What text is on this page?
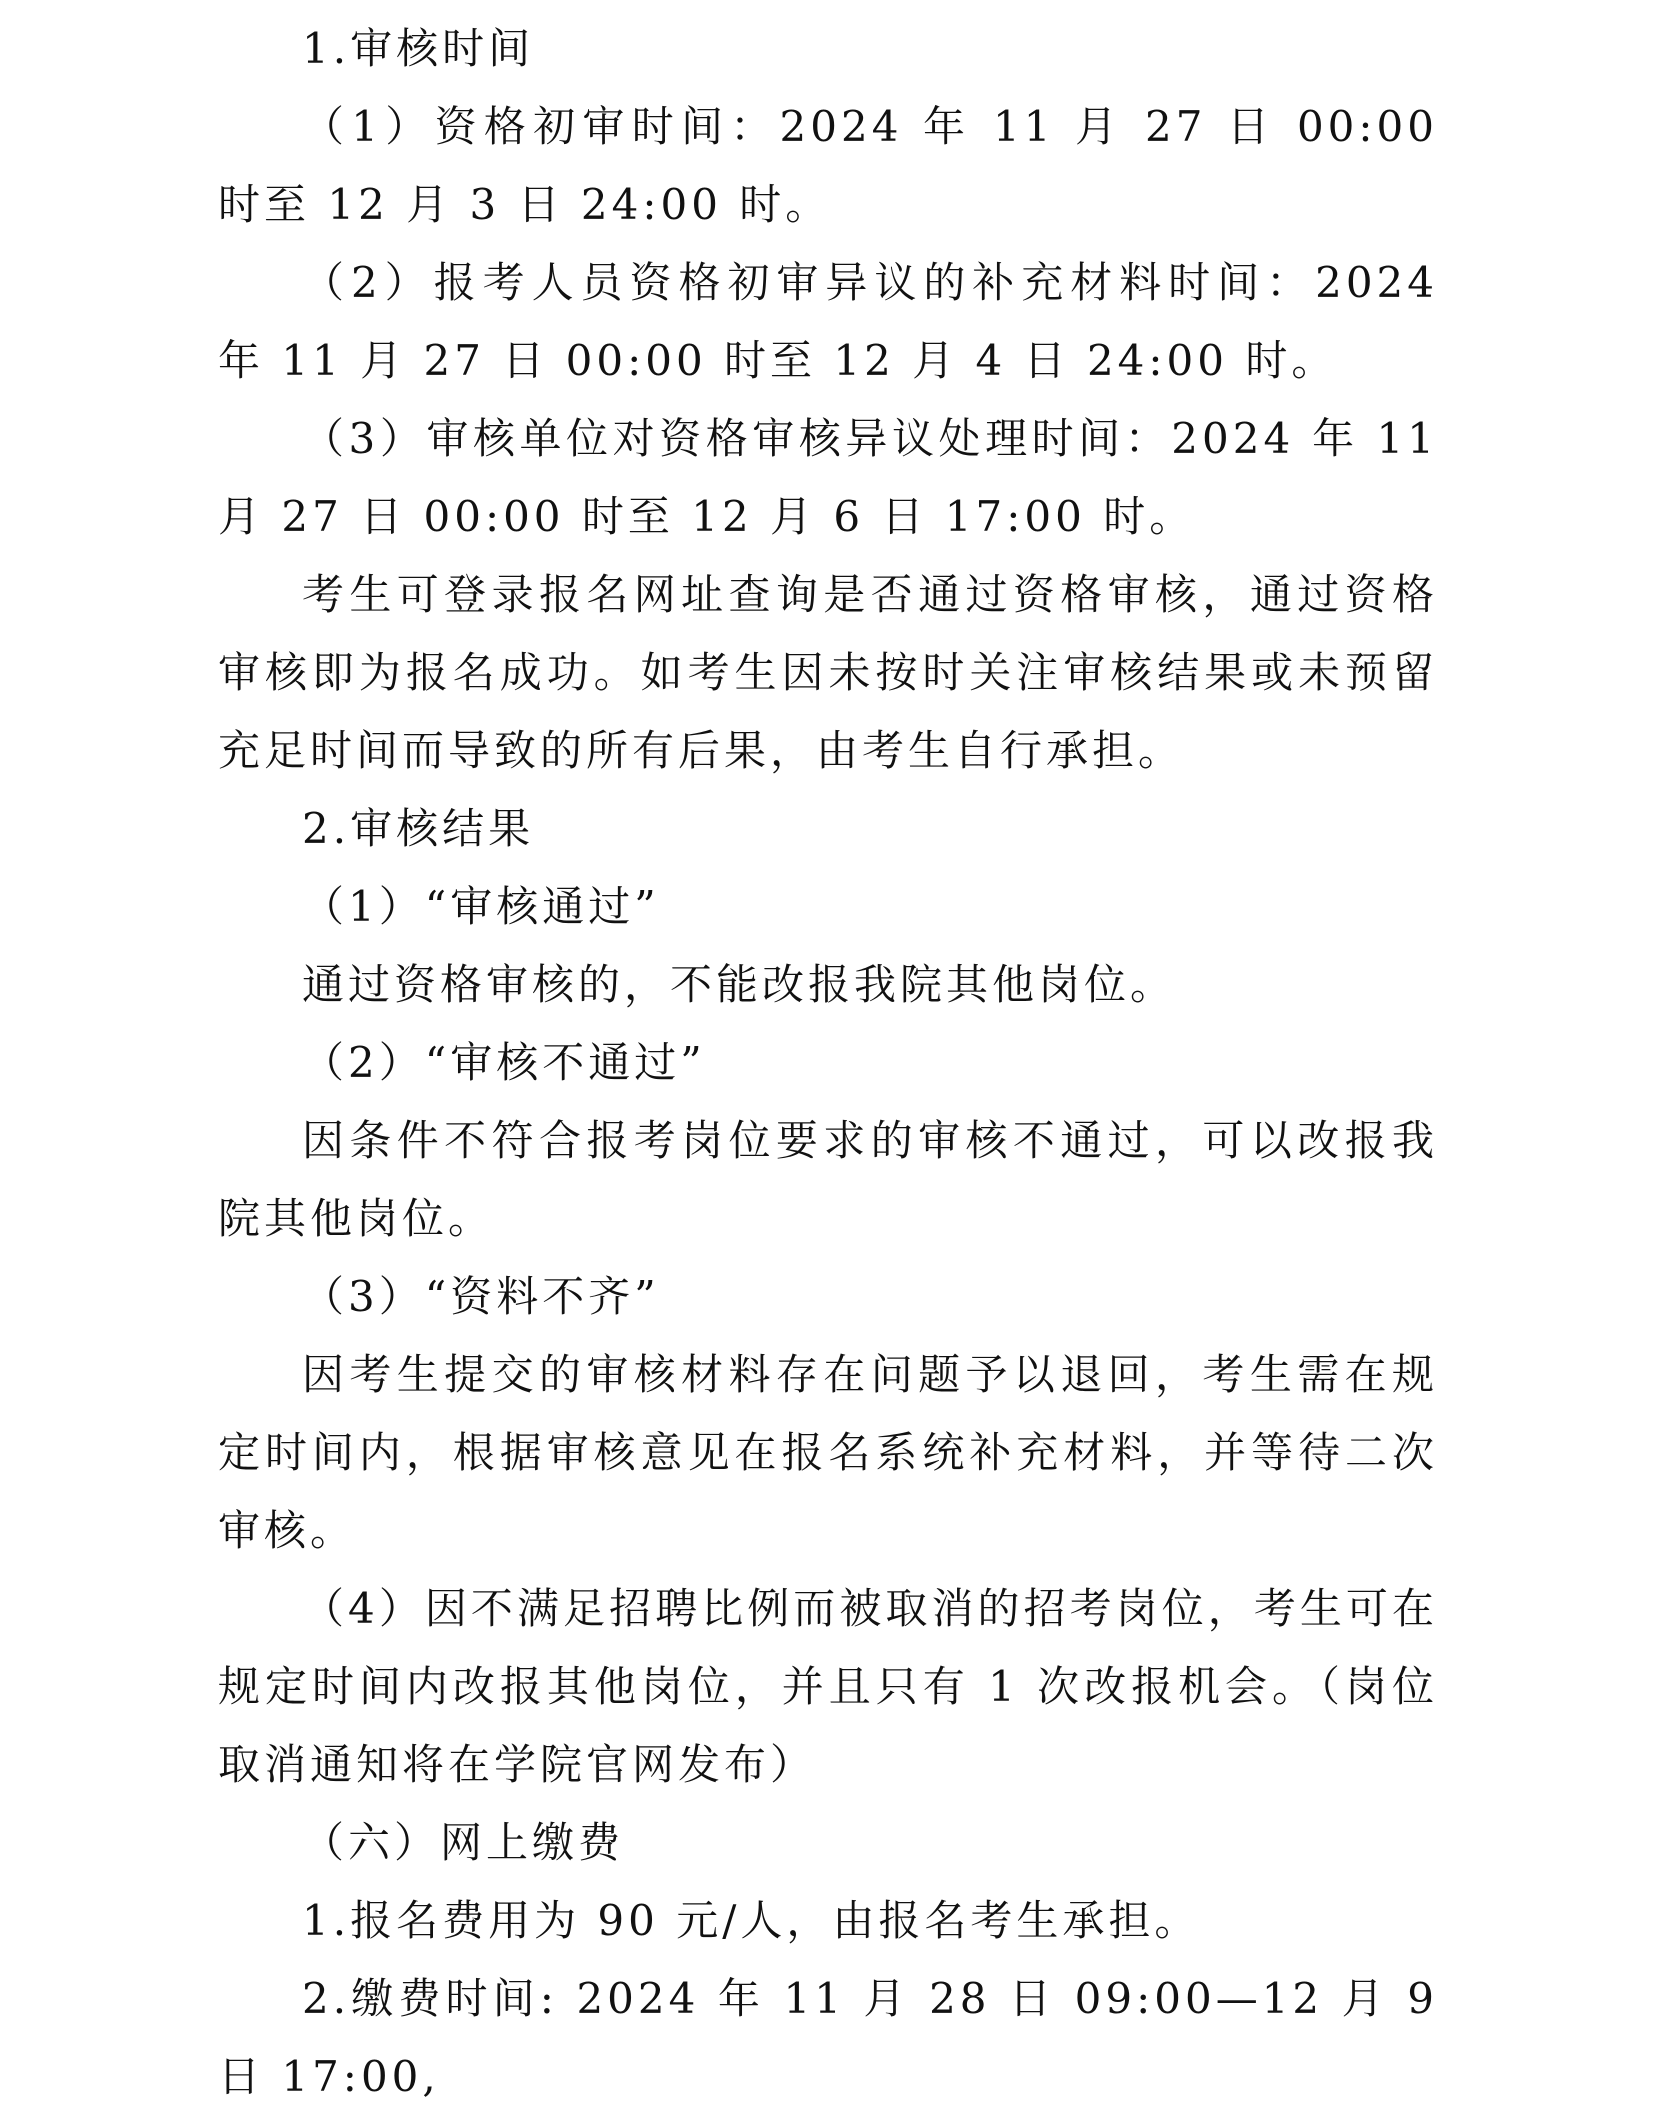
1.审核时间

（1）资格初审时间：2024 年 11 月 27 日 00:00 时至 12 月 3 日 24:00 时。

（2）报考人员资格初审异议的补充材料时间：2024 年 11 月 27 日 00:00 时至 12 月 4 日 24:00 时。

（3）审核单位对资格审核异议处理时间：2024 年 11 月 27 日 00:00 时至 12 月 6 日 17:00 时。

考生可登录报名网址查询是否通过资格审核，通过资格审核即为报名成功。如考生因未按时关注审核结果或未预留充足时间而导致的所有后果，由考生自行承担。

2.审核结果

（1）“审核通过”

通过资格审核的，不能改报我院其他岗位。

（2）“审核不通过”

因条件不符合报考岗位要求的审核不通过，可以改报我院其他岗位。

（3）“资料不齐”

因考生提交的审核材料存在问题予以退回，考生需在规定时间内，根据审核意见在报名系统补充材料，并等待二次审核。

（4）因不满足招聘比例而被取消的招考岗位，考生可在规定时间内改报其他岗位，并且只有 1 次改报机会。（岗位取消通知将在学院官网发布）

（六）网上缴费

1.报名费用为 90 元/人，由报名考生承担。

2.缴费时间: 2024 年 11 月 28 日 09:00—12 月 9 日 17:00,
